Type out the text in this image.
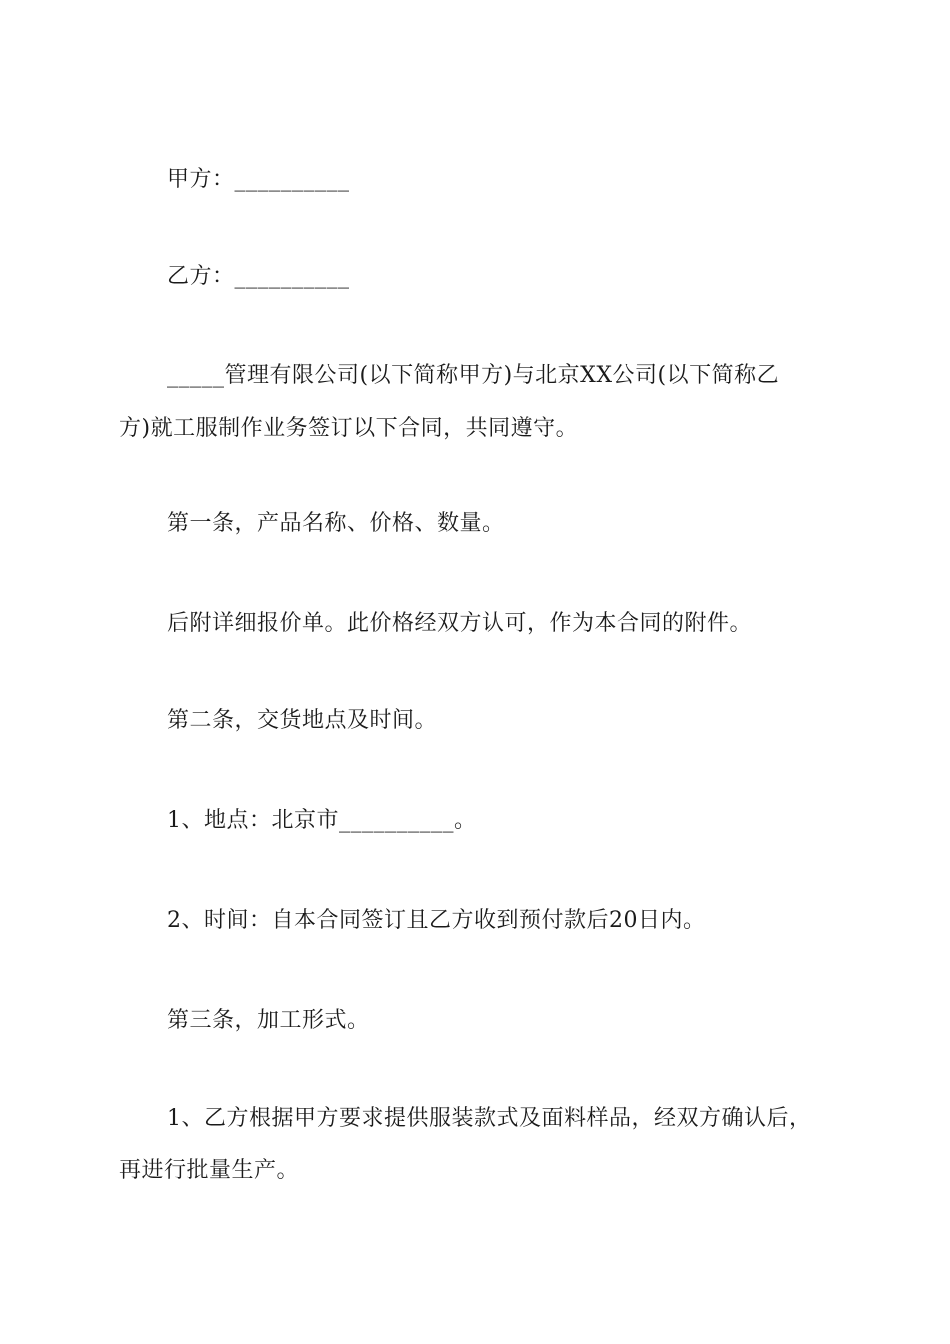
甲方：__________
乙方：__________
_____管理有限公司(以下简称甲方)与北京XX公司(以下简称乙
方)就工服制作业务签订以下合同，共同遵守。
第一条，产品名称、价格、数量。
后附详细报价单。此价格经双方认可，作为本合同的附件。
第二条，交货地点及时间。
1、地点：北京市__________。
2、时间：自本合同签订且乙方收到预付款后20日内。
第三条，加工形式。
1、乙方根据甲方要求提供服装款式及面料样品，经双方确认后，
再进行批量生产。
